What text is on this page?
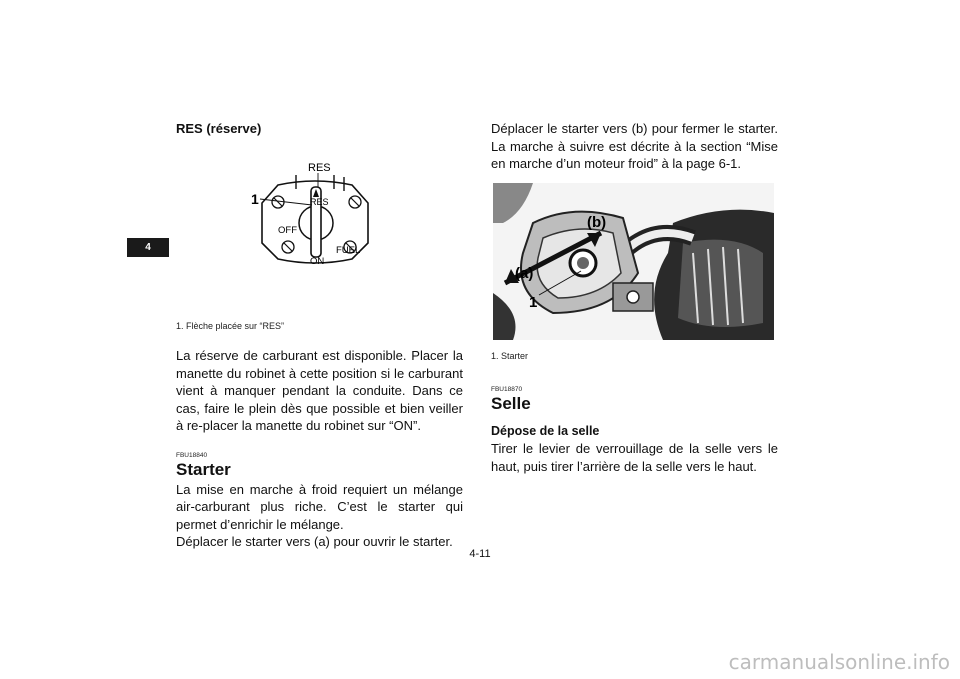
4
RES (réserve)
RES
RES
OFF
ON
FUEL
1
1. Flèche placée sur “RES”
La réserve de carburant est disponible. Placer la manette du robinet à cette position si le carburant vient à manquer pendant la conduite. Dans ce cas, faire le plein dès que possible et bien veiller à re-placer la manette du robinet sur “ON”.
FBU18840
Starter
La mise en marche à froid requiert un mélange air-carburant plus riche. C’est le starter qui permet d’enrichir le mélange.
Déplacer le starter vers (a) pour ouvrir le starter.
Déplacer le starter vers (b) pour fermer le starter. La marche à suivre est décrite à la section “Mise en marche d’un moteur froid” à la page 6-1.
(b)
(a)
1
1. Starter
FBU18870
Selle
Dépose de la selle
Tirer le levier de verrouillage de la selle vers le haut, puis tirer l’arrière de la selle vers le haut.
4-11
carmanualsonline.info
